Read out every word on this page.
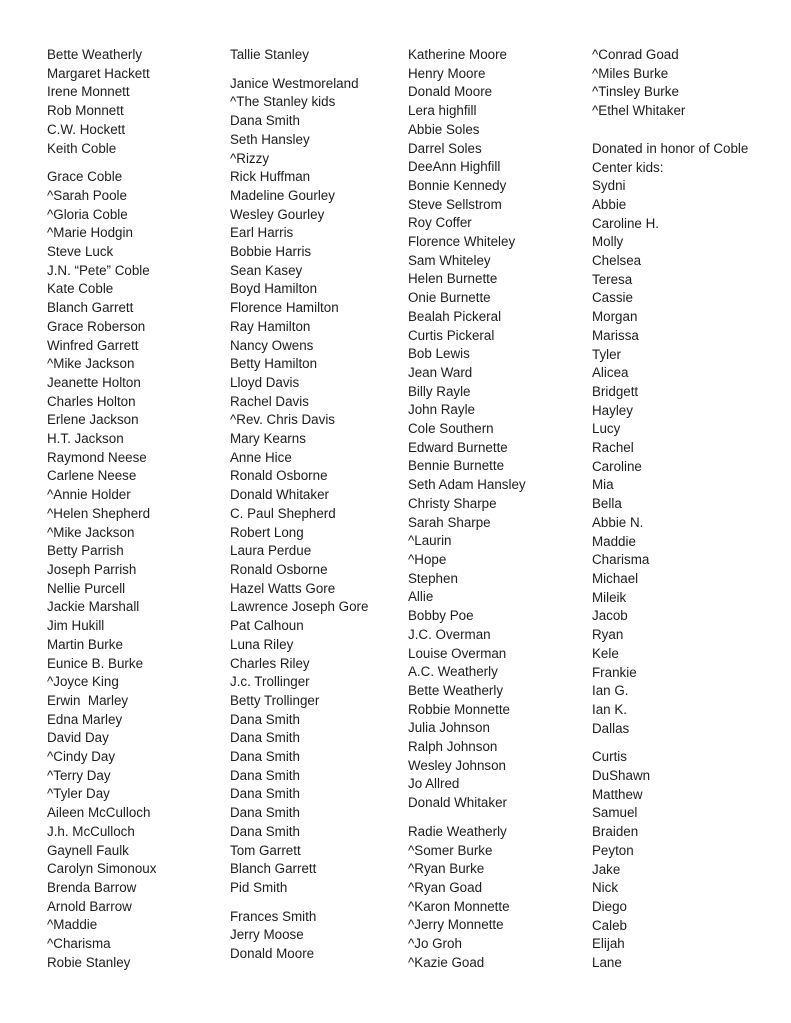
Bette Weatherly
Margaret Hackett
Irene Monnett
Rob Monnett
C.W. Hockett
Keith Coble
Grace Coble
^Sarah Poole
^Gloria Coble
^Marie Hodgin
Steve Luck
J.N. “Pete” Coble
Kate Coble
Blanch Garrett
Grace Roberson
Winfred Garrett
^Mike Jackson
Jeanette Holton
Charles Holton
Erlene Jackson
H.T. Jackson
Raymond Neese
Carlene Neese
^Annie Holder
^Helen Shepherd
^Mike Jackson
Betty Parrish
Joseph Parrish
Nellie Purcell
Jackie Marshall
Jim Hukill
Martin Burke
Eunice B. Burke
^Joyce King
Erwin  Marley
Edna Marley
David Day
^Cindy Day
^Terry Day
^Tyler Day
Aileen McCulloch
J.h. McCulloch
Gaynell Faulk
Carolyn Simonoux
Brenda Barrow
Arnold Barrow
^Maddie
^Charisma
Robie Stanley
Tallie Stanley
Janice Westmoreland
^The Stanley kids
Dana Smith
Seth Hansley
^Rizzy
Rick Huffman
Madeline Gourley
Wesley Gourley
Earl Harris
Bobbie Harris
Sean Kasey
Boyd Hamilton
Florence Hamilton
Ray Hamilton
Nancy Owens
Betty Hamilton
Lloyd Davis
Rachel Davis
^Rev. Chris Davis
Mary Kearns
Anne Hice
Ronald Osborne
Donald Whitaker
C. Paul Shepherd
Robert Long
Laura Perdue
Ronald Osborne
Hazel Watts Gore
Lawrence Joseph Gore
Pat Calhoun
Luna Riley
Charles Riley
J.c. Trollinger
Betty Trollinger
Dana Smith
Dana Smith
Dana Smith
Dana Smith
Dana Smith
Dana Smith
Dana Smith
Tom Garrett
Blanch Garrett
Pid Smith
Frances Smith
Jerry Moose
Donald Moore
Katherine Moore
Henry Moore
Donald Moore
Lera highfill
Abbie Soles
Darrel Soles
DeeAnn Highfill
Bonnie Kennedy
Steve Sellstrom
Roy Coffer
Florence Whiteley
Sam Whiteley
Helen Burnette
Onie Burnette
Bealah Pickeral
Curtis Pickeral
Bob Lewis
Jean Ward
Billy Rayle
John Rayle
Cole Southern
Edward Burnette
Bennie Burnette
Seth Adam Hansley
Christy Sharpe
Sarah Sharpe
^Laurin
^Hope
Stephen
Allie
Bobby Poe
J.C. Overman
Louise Overman
A.C. Weatherly
Bette Weatherly
Robbie Monnette
Julia Johnson
Ralph Johnson
Wesley Johnson
Jo Allred
Donald Whitaker
Radie Weatherly
^Somer Burke
^Ryan Burke
^Ryan Goad
^Karon Monnette
^Jerry Monnette
^Jo Groh
^Kazie Goad
^Conrad Goad
^Miles Burke
^Tinsley Burke
^Ethel Whitaker
Donated in honor of Coble
Center kids:
Sydni
Abbie
Caroline H.
Molly
Chelsea
Teresa
Cassie
Morgan
Marissa
Tyler
Alicea
Bridgett
Hayley
Lucy
Rachel
Caroline
Mia
Bella
Abbie N.
Maddie
Charisma
Michael
Mileik
Jacob
Ryan
Kele
Frankie
Ian G.
Ian K.
Dallas
Curtis
DuShawn
Matthew
Samuel
Braiden
Peyton
Jake
Nick
Diego
Caleb
Elijah
Lane
